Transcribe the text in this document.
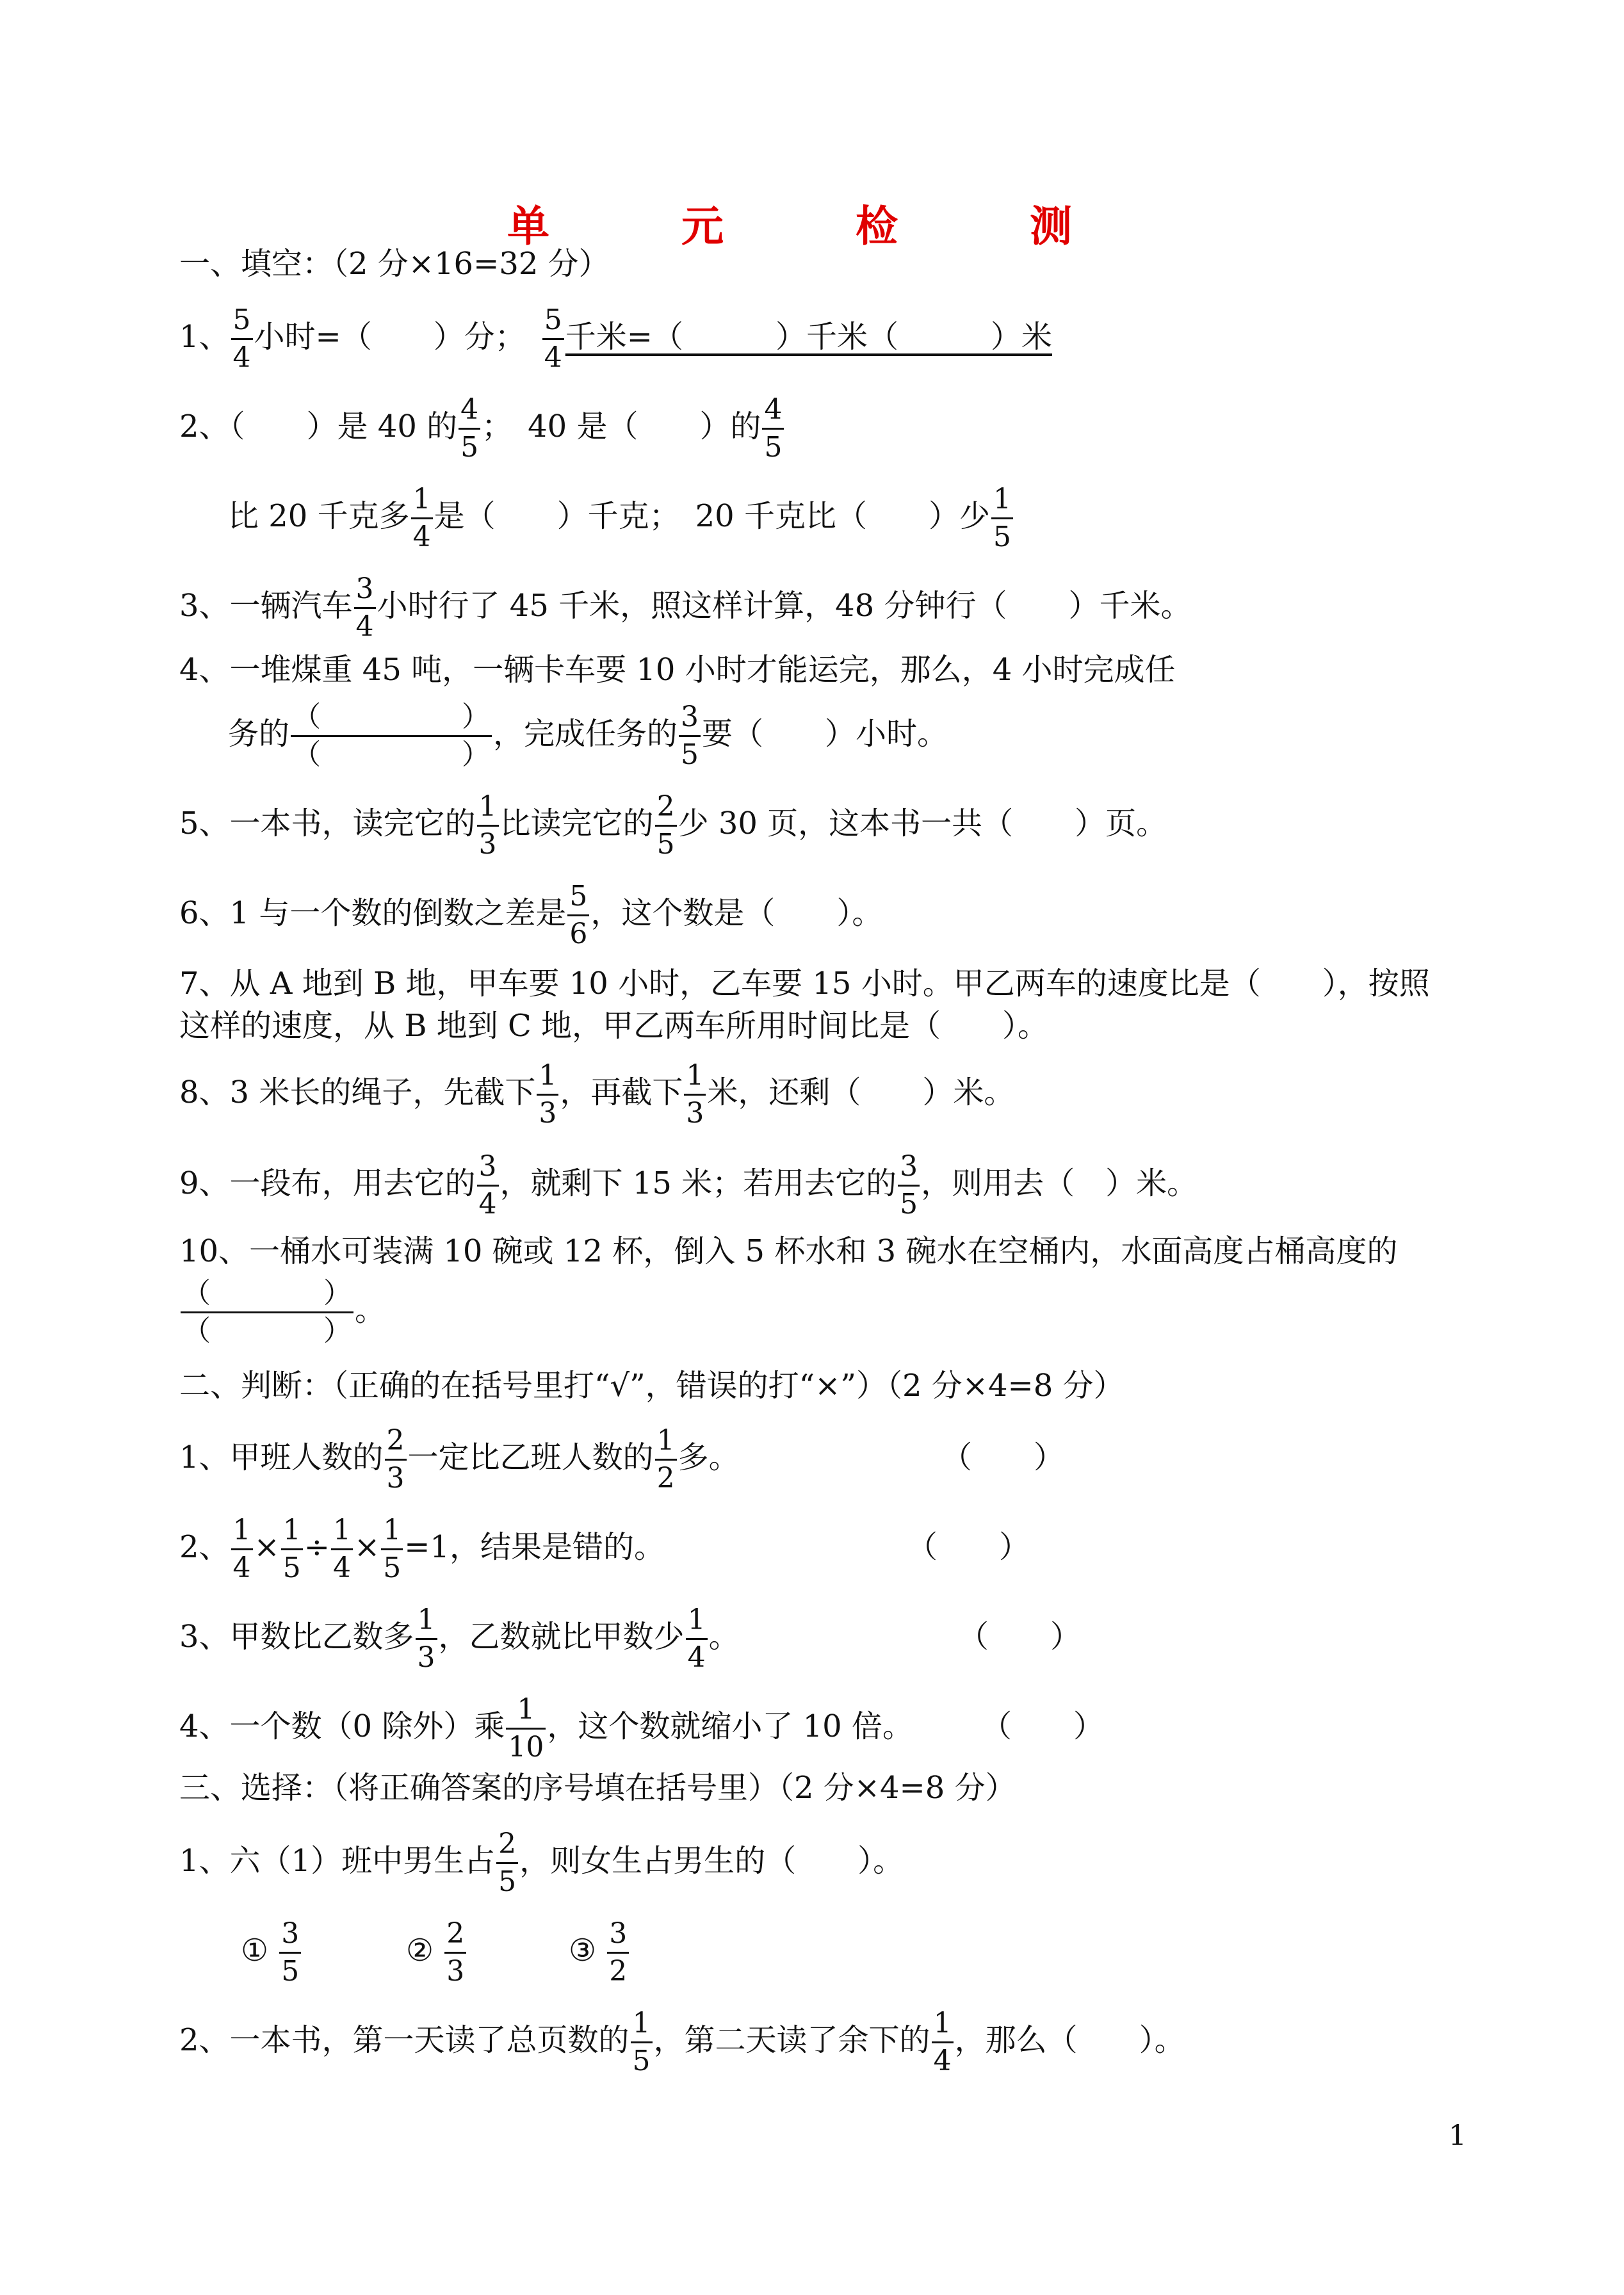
单　元　检　测
一、填空：（2 分×16=32 分）
1、 $\frac{5}{4}$ 小时=（　　）分；　 $\frac{5}{4}$ 千米=（　　　）千米（　　　）米
2、（　　）是 40 的 $\frac{4}{5}$ ；　40 是（　　）的 $\frac{4}{5}$
比 20 千克多 $\frac{1}{4}$ 是（　　）千克；　20 千克比（　　）少 $\frac{1}{5}$
3、一辆汽车 $\frac{3}{4}$ 小时行了 45 千米，照这样计算，48 分钟行（　　）千米。
4、一堆煤重 45 吨，一辆卡车要 10 小时才能运完，那么，4 小时完成任
务的 $\frac{( )}{( )}$ ，完成任务的 $\frac{3}{5}$ 要（　　）小时。
5、一本书，读完它的 $\frac{1}{3}$ 比读完它的 $\frac{2}{5}$ 少 30 页，这本书一共（　　）页。
6、1 与一个数的倒数之差是 $\frac{5}{6}$ ，这个数是（　　）。
7、从 A 地到 B 地，甲车要 10 小时，乙车要 15 小时。甲乙两车的速度比是（　　），按照
这样的速度，从 B 地到 C 地，甲乙两车所用时间比是（　　）。
8、3 米长的绳子，先截下 $\frac{1}{3}$ ，再截下 $\frac{1}{3}$ 米，还剩（　　）米。
9、一段布，用去它的 $\frac{3}{4}$ ，就剩下 15 米；若用去它的 $\frac{3}{5}$ ，则用去（　）米。
10、一桶水可装满 10 碗或 12 杯，倒入 5 杯水和 3 碗水在空桶内，水面高度占桶高度的
$\frac{( )}{( )}$ 。
二、判断：（正确的在括号里打“√”，错误的打“×”）（2 分×4=8 分）
1、甲班人数的 $\frac{2}{3}$ 一定比乙班人数的 $\frac{1}{2}$ 多。	（　　）
2、 $\frac{1}{4} \times \frac{1}{5} \div \frac{1}{4} \times \frac{1}{5} =1$，结果是错的。	（　　）
3、甲数比乙数多 $\frac{1}{3}$ ，乙数就比甲数少 $\frac{1}{4}$ 。	（　　）
4、一个数（0 除外）乘 $\frac{1}{10}$ ，这个数就缩小了 10 倍。 （　　）
三、选择：（将正确答案的序号填在括号里）（2 分×4=8 分）
1、六（1）班中男生占 $\frac{2}{5}$ ，则女生占男生的（　　）。
① $\frac{3}{5}$	② $\frac{2}{3}$	③ $\frac{3}{2}$
2、一本书，第一天读了总页数的 $\frac{1}{5}$ ，第二天读了余下的 $\frac{1}{4}$ ，那么（　　）。
1
